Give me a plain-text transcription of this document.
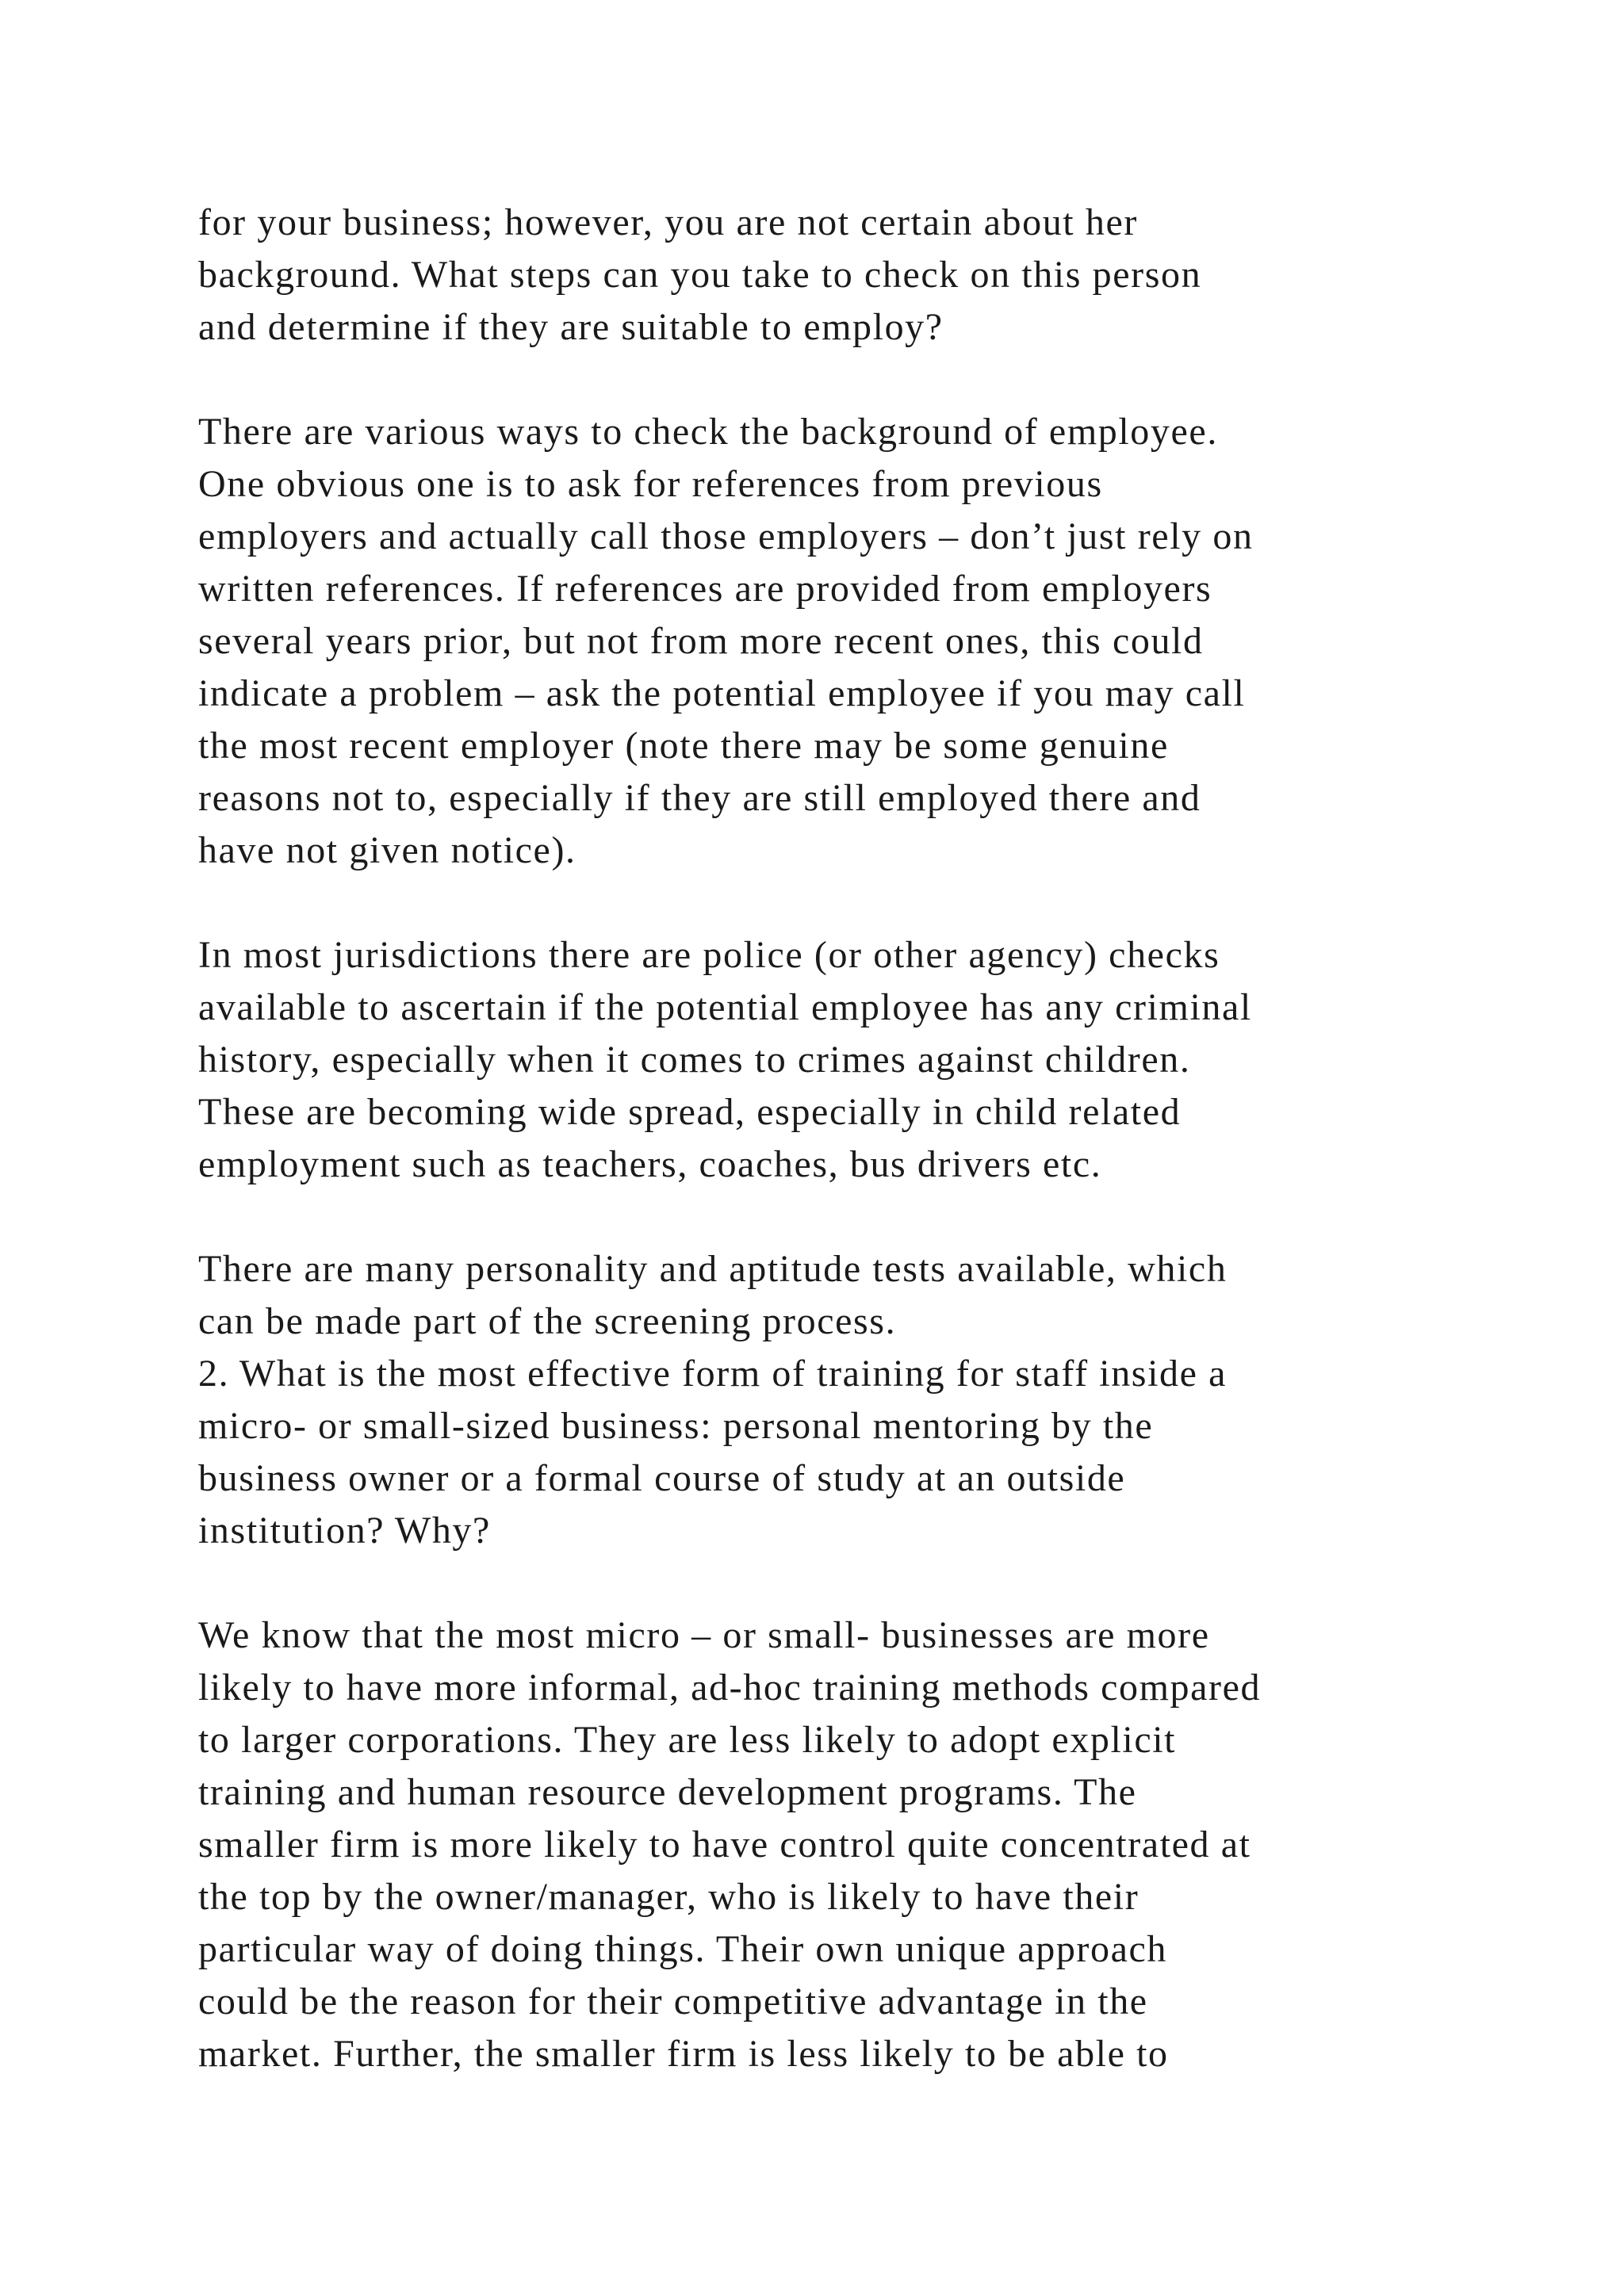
for your business; however, you are not certain about her
background. What steps can you take to check on this person
and determine if they are suitable to employ?
There are various ways to check the background of employee.
One obvious one is to ask for references from previous
employers and actually call those employers – don’t just rely on
written references. If references are provided from employers
several years prior, but not from more recent ones, this could
indicate a problem – ask the potential employee if you may call
the most recent employer (note there may be some genuine
reasons not to, especially if they are still employed there and
have not given notice).
In most jurisdictions there are police (or other agency) checks
available to ascertain if the potential employee has any criminal
history, especially when it comes to crimes against children.
These are becoming wide spread, especially in child related
employment such as teachers, coaches, bus drivers etc.
There are many personality and aptitude tests available, which
can be made part of the screening process.
2. What is the most effective form of training for staff inside a
micro- or small-sized business: personal mentoring by the
business owner or a formal course of study at an outside
institution? Why?
We know that the most micro – or small- businesses are more
likely to have more informal, ad-hoc training methods compared
to larger corporations. They are less likely to adopt explicit
training and human resource development programs. The
smaller firm is more likely to have control quite concentrated at
the top by the owner/manager, who is likely to have their
particular way of doing things. Their own unique approach
could be the reason for their competitive advantage in the
market. Further, the smaller firm is less likely to be able to
